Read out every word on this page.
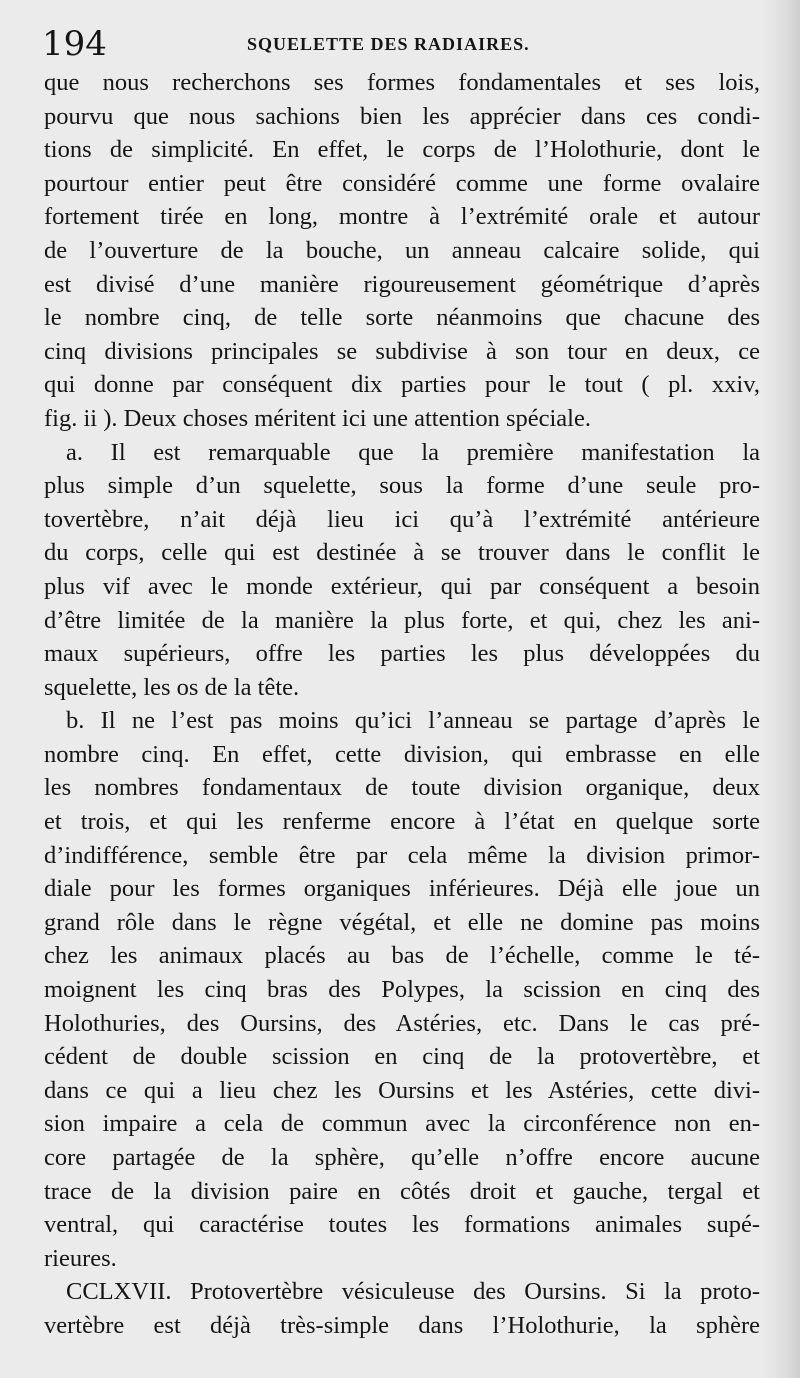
194	SQUELETTE DES RADIAIRES.
que nous recherchons ses formes fondamentales et ses lois,
pourvu que nous sachions bien les apprécier dans ces condi-
tions de simplicité. En effet, le corps de l’Holothurie, dont le
pourtour entier peut être considéré comme une forme ovalaire
fortement tirée en long, montre à l’extrémité orale et autour
de l’ouverture de la bouche, un anneau calcaire solide, qui
est divisé d’une manière rigoureusement géométrique d’après
le nombre cinq, de telle sorte néanmoins que chacune des
cinq divisions principales se subdivise à son tour en deux, ce
qui donne par conséquent dix parties pour le tout ( pl. xxiv,
fig. ii ). Deux choses méritent ici une attention spéciale.
a. Il est remarquable que la première manifestation la
plus simple d’un squelette, sous la forme d’une seule pro-
tovertèbre, n’ait déjà lieu ici qu’à l’extrémité antérieure
du corps, celle qui est destinée à se trouver dans le conflit le
plus vif avec le monde extérieur, qui par conséquent a besoin
d’être limitée de la manière la plus forte, et qui, chez les ani-
maux supérieurs, offre les parties les plus développées du
squelette, les os de la tête.
b. Il ne l’est pas moins qu’ici l’anneau se partage d’après le
nombre cinq. En effet, cette division, qui embrasse en elle
les nombres fondamentaux de toute division organique, deux
et trois, et qui les renferme encore à l’état en quelque sorte
d’indifférence, semble être par cela même la division primor-
diale pour les formes organiques inférieures. Déjà elle joue un
grand rôle dans le règne végétal, et elle ne domine pas moins
chez les animaux placés au bas de l’échelle, comme le té-
moignent les cinq bras des Polypes, la scission en cinq des
Holothuries, des Oursins, des Astéries, etc. Dans le cas pré-
cédent de double scission en cinq de la protovertèbre, et
dans ce qui a lieu chez les Oursins et les Astéries, cette divi-
sion impaire a cela de commun avec la circonférence non en-
core partagée de la sphère, qu’elle n’offre encore aucune
trace de la division paire en côtés droit et gauche, tergal et
ventral, qui caractérise toutes les formations animales supé-
rieures.
CCLXVII. Protovertèbre vésiculeuse des Oursins. Si la proto-
vertèbre est déjà très-simple dans l’Holothurie, la sphère
